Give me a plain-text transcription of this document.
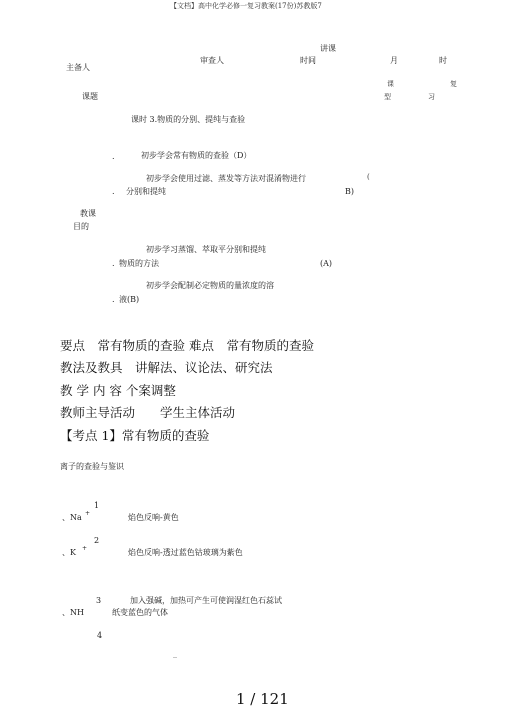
【文档】高中化学必修一复习教案(17份)苏教版7
讲课
审查人	时间	月	时
主备人
课	复
课题	型	习
课时 3.物质的分别、提纯与查验
.	初步学会常有物质的查验（D）
初步学会使用过滤、蒸发等方法对混淆物进行	(
. 分别和提纯	B)
教课
目的
初步学习蒸馏、萃取平分别和提纯
. 物质的方法	(A)
初步学会配制必定物质的量浓度的溶
. 液(B)
要点　常有物质的查验 难点　常有物质的查验
教法及教具　讲解法、议论法、研究法
教 学 内 容 个案调整
教师主导活动　　学生主体活动
【考点 1】常有物质的查验
离子的查验与鉴识
1
、Na +	焰色反响-黄色
2
、K +	焰色反响-透过蓝色钴玻璃为紫色
3	加入强碱，加热可产生可使润湿红色石蕊试
、NH	纸变蓝色的气体
4
_
1 / 121
